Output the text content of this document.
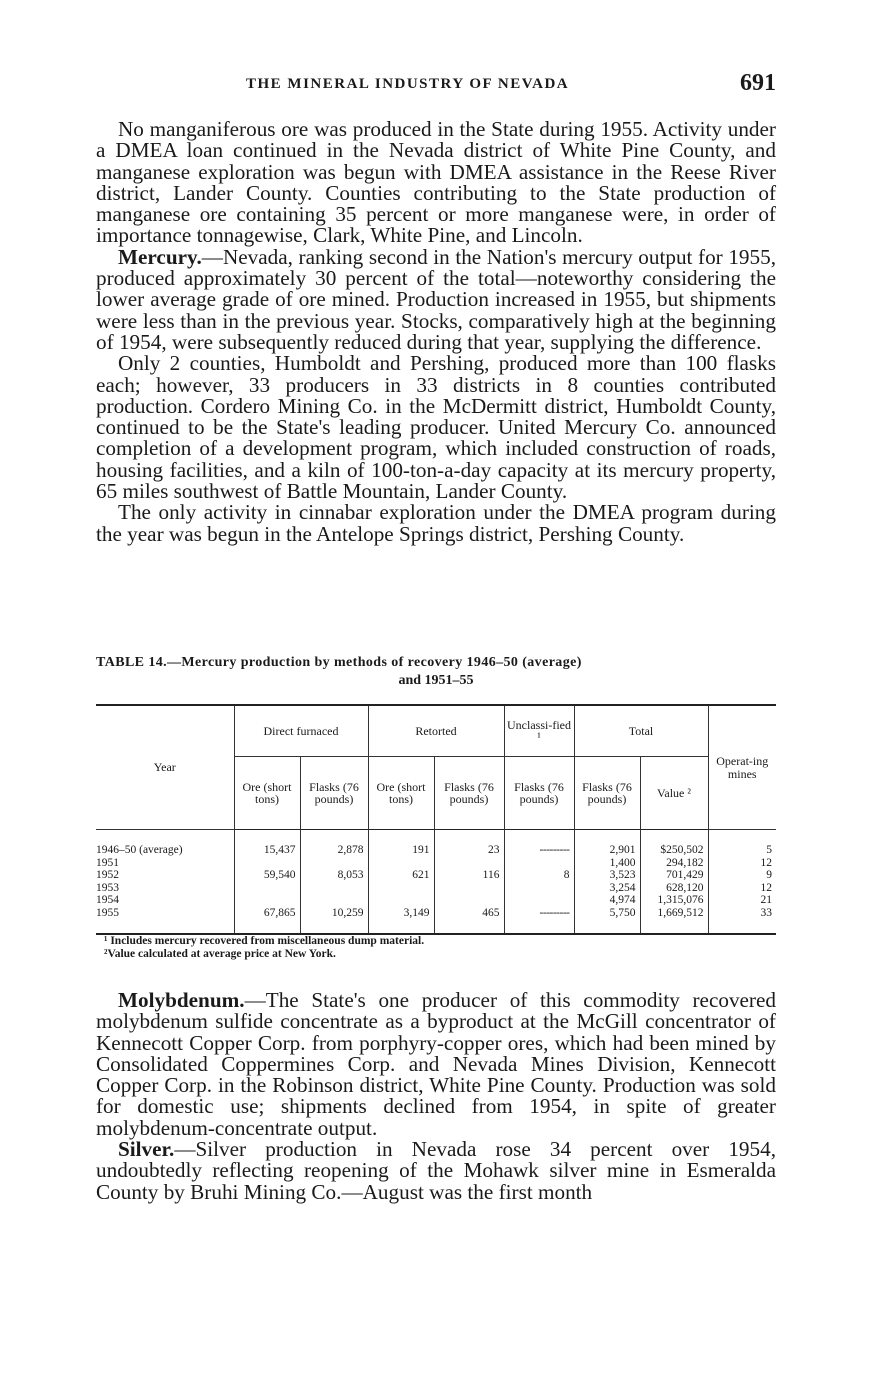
THE MINERAL INDUSTRY OF NEVADA	691

No manganiferous ore was produced in the State during 1955. Activity under a DMEA loan continued in the Nevada district of White Pine County, and manganese exploration was begun with DMEA assistance in the Reese River district, Lander County. Counties contributing to the State production of manganese ore containing 35 percent or more manganese were, in order of importance tonnagewise, Clark, White Pine, and Lincoln.

Mercury.—Nevada, ranking second in the Nation's mercury output for 1955, produced approximately 30 percent of the total—noteworthy considering the lower average grade of ore mined. Production increased in 1955, but shipments were less than in the previous year. Stocks, comparatively high at the beginning of 1954, were subsequently reduced during that year, supplying the difference.

Only 2 counties, Humboldt and Pershing, produced more than 100 flasks each; however, 33 producers in 33 districts in 8 counties contributed production. Cordero Mining Co. in the McDermitt district, Humboldt County, continued to be the State's leading producer. United Mercury Co. announced completion of a development program, which included construction of roads, housing facilities, and a kiln of 100-ton-a-day capacity at its mercury property, 65 miles southwest of Battle Mountain, Lander County.

The only activity in cinnabar exploration under the DMEA program during the year was begun in the Antelope Springs district, Pershing County.

TABLE 14.—Mercury production by methods of recovery 1946–50 (average)
and 1951–55
Year	Direct furnaced		Retorted		Unclassi-fied ¹	Total		Operat-ing mines
	Ore (short tons)	Flasks (76 pounds)	Ore (short tons)	Flasks (76 pounds)	Flasks (76 pounds)	Flasks (76 pounds)	Value ²	

1946–50 (average)	15,437	2,878	191	23	---------	2,901	$250,502	5
1951						1,400	294,182	12
1952	59,540	8,053	621	116	8	3,523	701,429	9
1953						3,254	628,120	12
1954						4,974	1,315,076	21
1955	67,865	10,259	3,149	465	---------	5,750	1,669,512	33

¹ Includes mercury recovered from miscellaneous dump material.
²Value calculated at average price at New York.

Molybdenum.—The State's one producer of this commodity recovered molybdenum sulfide concentrate as a byproduct at the McGill concentrator of Kennecott Copper Corp. from porphyry-copper ores, which had been mined by Consolidated Coppermines Corp. and Nevada Mines Division, Kennecott Copper Corp. in the Robinson district, White Pine County. Production was sold for domestic use; shipments declined from 1954, in spite of greater molybdenum-concentrate output.

Silver.—Silver production in Nevada rose 34 percent over 1954, undoubtedly reflecting reopening of the Mohawk silver mine in Esmeralda County by Bruhi Mining Co.—August was the first month
